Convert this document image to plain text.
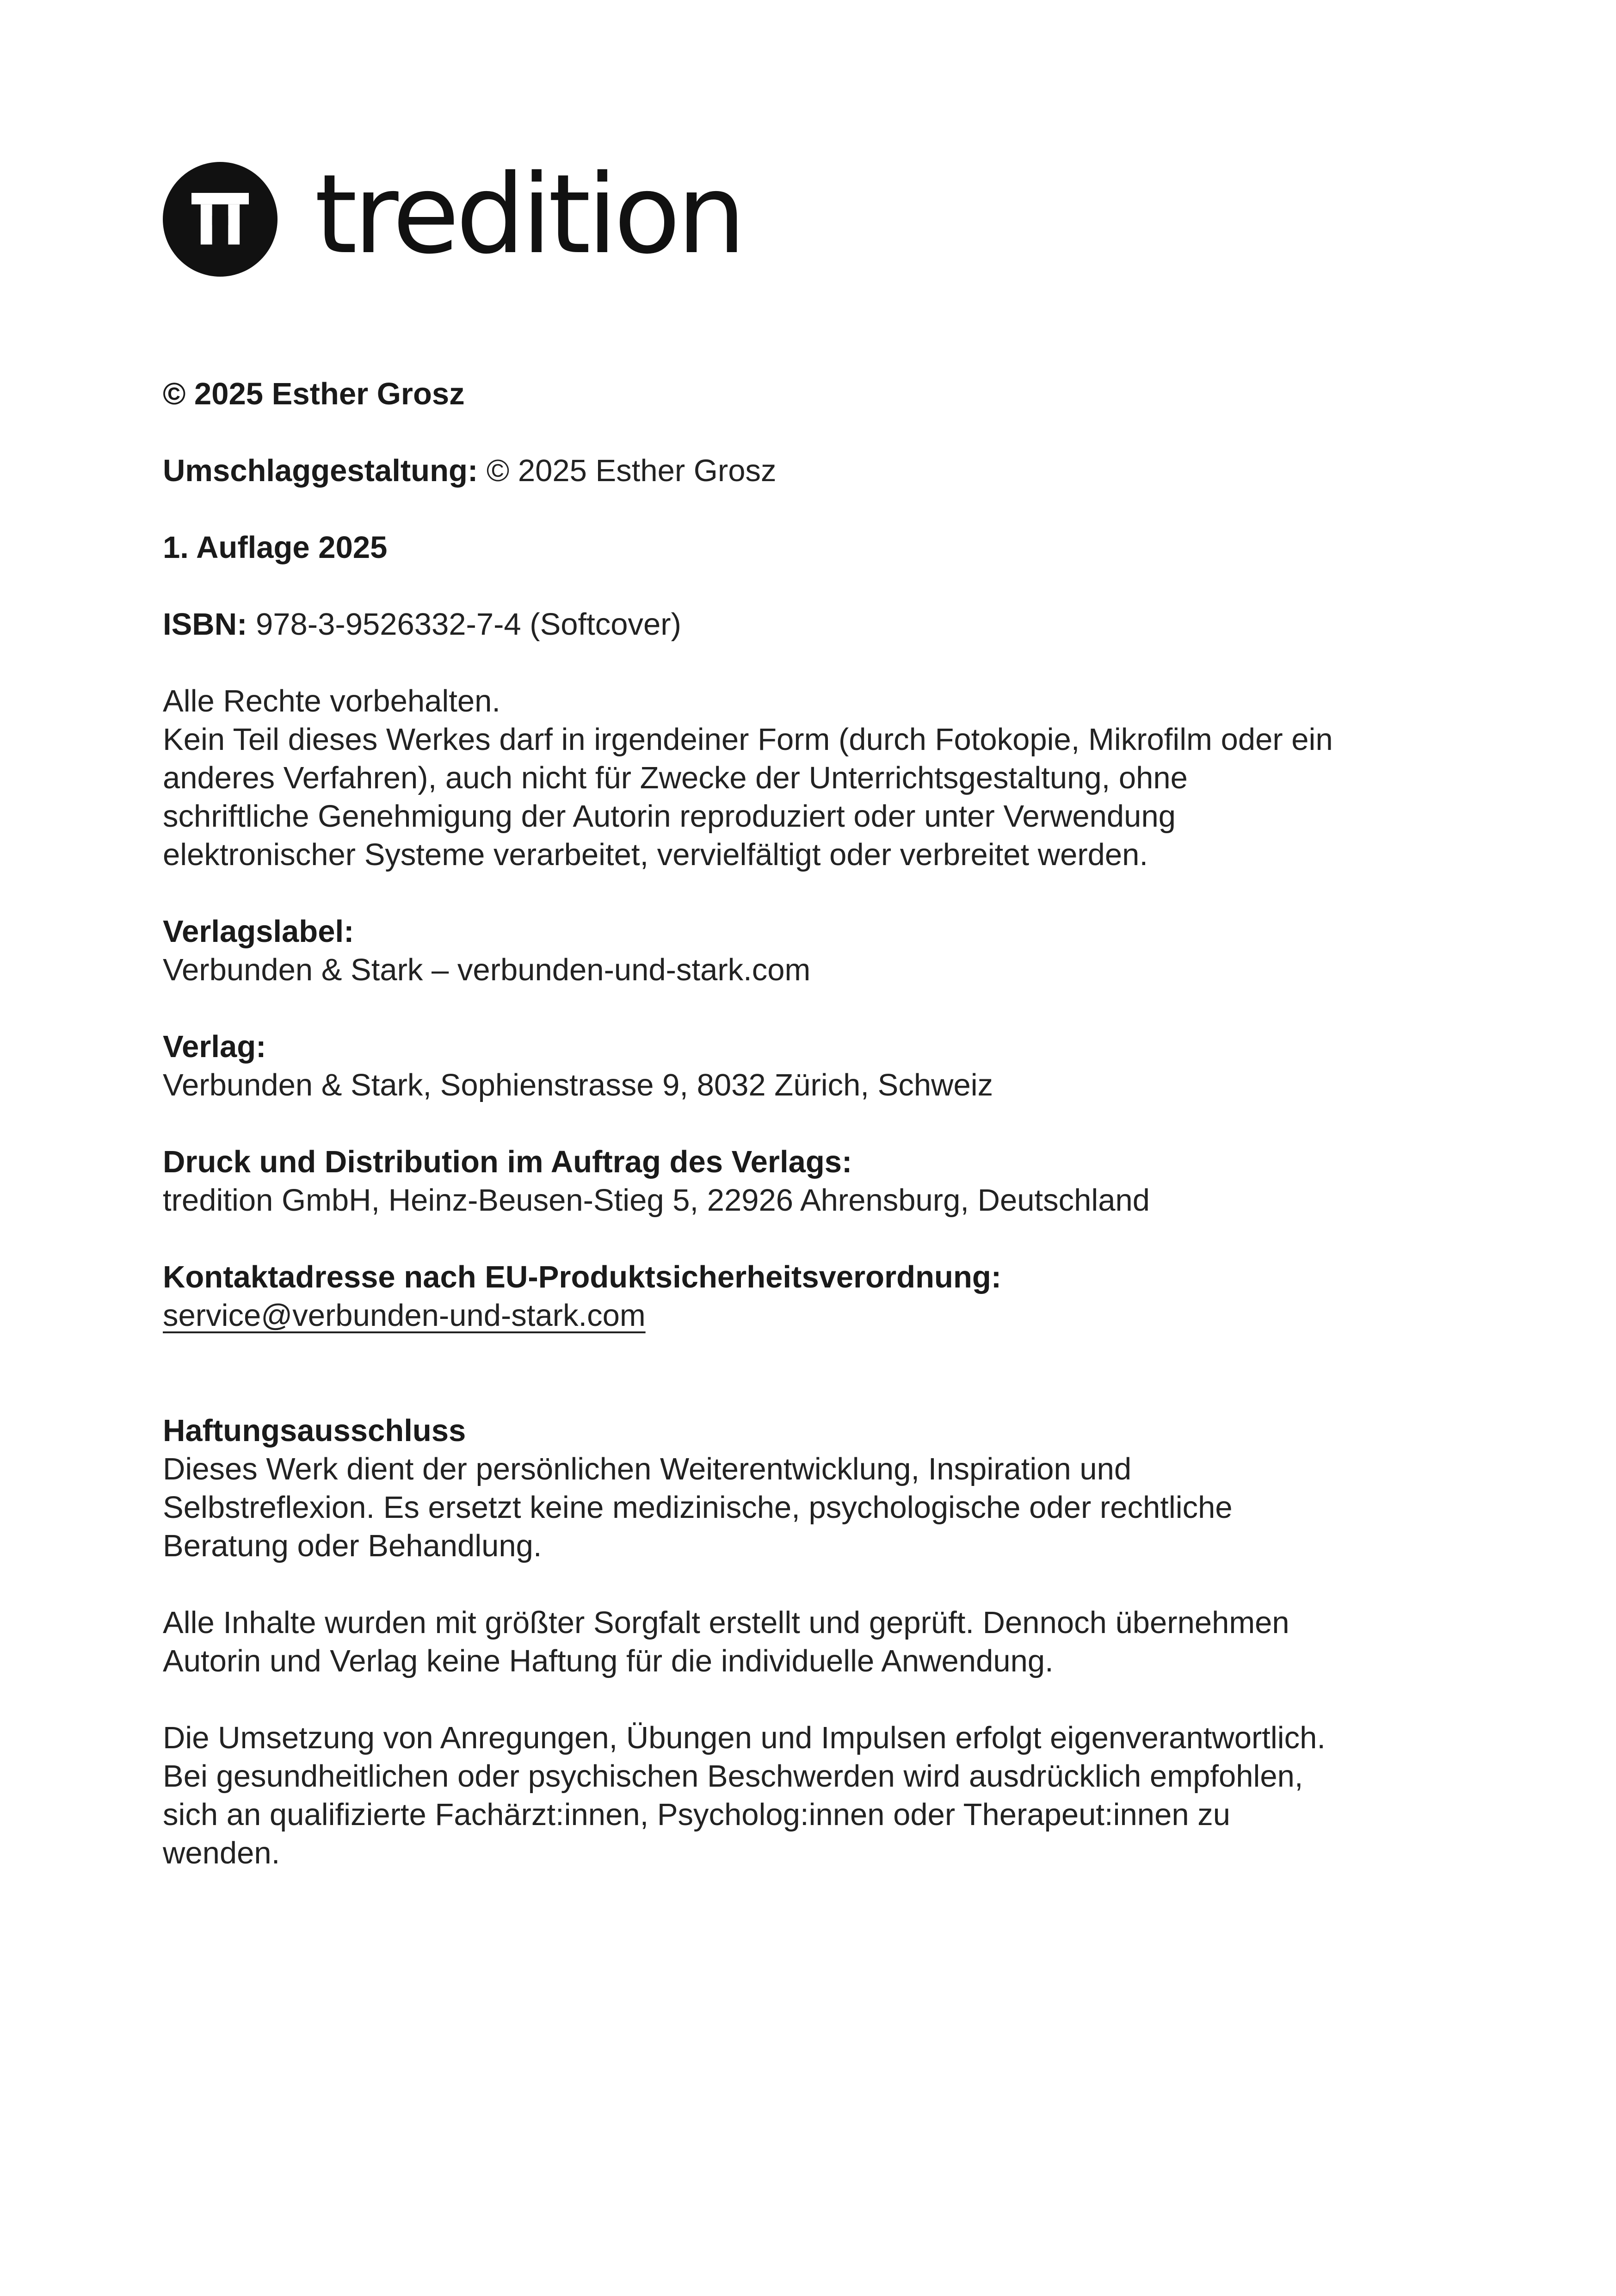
tredition

© 2025 Esther Grosz

Umschlaggestaltung: © 2025 Esther Grosz

1. Auflage 2025

ISBN: 978-3-9526332-7-4 (Softcover)

Alle Rechte vorbehalten.

Kein Teil dieses Werkes darf in irgendeiner Form (durch Fotokopie, Mikrofilm oder ein

anderes Verfahren), auch nicht für Zwecke der Unterrichtsgestaltung, ohne

schriftliche Genehmigung der Autorin reproduziert oder unter Verwendung

elektronischer Systeme verarbeitet, vervielfältigt oder verbreitet werden.

Verlagslabel:

Verbunden & Stark – verbunden-und-stark.com

Verlag:

Verbunden & Stark, Sophienstrasse 9, 8032 Zürich, Schweiz

Druck und Distribution im Auftrag des Verlags:

tredition GmbH, Heinz-Beusen-Stieg 5, 22926 Ahrensburg, Deutschland

Kontaktadresse nach EU-Produktsicherheitsverordnung:

service@verbunden-und-stark.com

Haftungsausschluss

Dieses Werk dient der persönlichen Weiterentwicklung, Inspiration und

Selbstreflexion. Es ersetzt keine medizinische, psychologische oder rechtliche

Beratung oder Behandlung.

Alle Inhalte wurden mit größter Sorgfalt erstellt und geprüft. Dennoch übernehmen

Autorin und Verlag keine Haftung für die individuelle Anwendung.

Die Umsetzung von Anregungen, Übungen und Impulsen erfolgt eigenverantwortlich.

Bei gesundheitlichen oder psychischen Beschwerden wird ausdrücklich empfohlen,

sich an qualifizierte Fachärzt:innen, Psycholog:innen oder Therapeut:innen zu

wenden.
